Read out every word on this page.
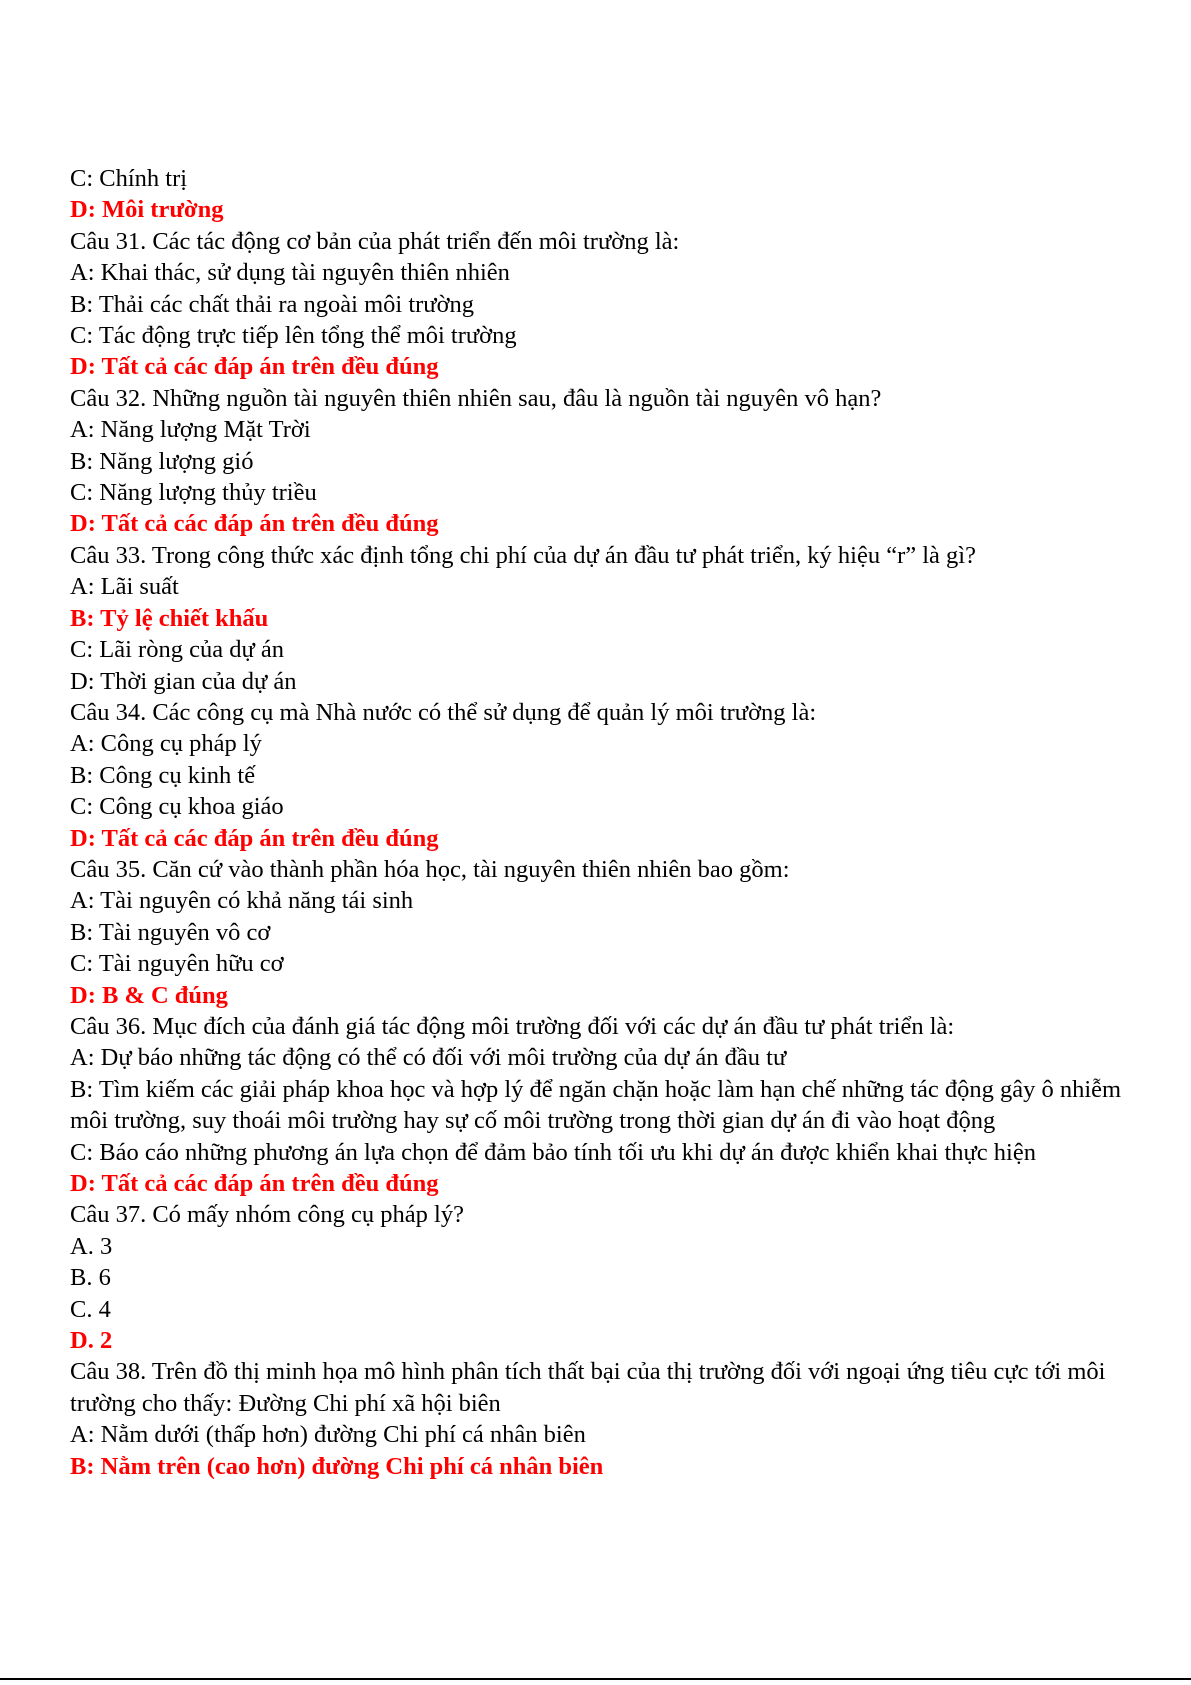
C: Chính trị

D: Môi trường

Câu 31. Các tác động cơ bản của phát triển đến môi trường là:

A: Khai thác, sử dụng tài nguyên thiên nhiên

B: Thải các chất thải ra ngoài môi trường

C: Tác động trực tiếp lên tổng thể môi trường

D: Tất cả các đáp án trên đều đúng

Câu 32. Những nguồn tài nguyên thiên nhiên sau, đâu là nguồn tài nguyên vô hạn?

A: Năng lượng Mặt Trời

B: Năng lượng gió

C: Năng lượng thủy triều

D: Tất cả các đáp án trên đều đúng

Câu 33. Trong công thức xác định tổng chi phí của dự án đầu tư phát triển, ký hiệu “r” là gì?

A: Lãi suất

B: Tỷ lệ chiết khấu

C: Lãi ròng của dự án

D: Thời gian của dự án

Câu 34. Các công cụ mà Nhà nước có thể sử dụng để quản lý môi trường là:

A: Công cụ pháp lý

B: Công cụ kinh tế

C: Công cụ khoa giáo

D: Tất cả các đáp án trên đều đúng

Câu 35. Căn cứ vào thành phần hóa học, tài nguyên thiên nhiên bao gồm:

A: Tài nguyên có khả năng tái sinh

B: Tài nguyên vô cơ

C: Tài nguyên hữu cơ

D: B & C đúng

Câu 36. Mục đích của đánh giá tác động môi trường đối với các dự án đầu tư phát triển là:

A: Dự báo những tác động có thể có đối với môi trường của dự án đầu tư

B: Tìm kiếm các giải pháp khoa học và hợp lý để ngăn chặn hoặc làm hạn chế những tác động gây ô nhiễm môi trường, suy thoái môi trường hay sự cố môi trường trong thời gian dự án đi vào hoạt động

C: Báo cáo những phương án lựa chọn để đảm bảo tính tối ưu khi dự án được khiển khai thực hiện

D: Tất cả các đáp án trên đều đúng

Câu 37. Có mấy nhóm công cụ pháp lý?

A. 3

B. 6

C. 4

D. 2

Câu 38. Trên đồ thị minh họa mô hình phân tích thất bại của thị trường đối với ngoại ứng tiêu cực tới môi trường cho thấy: Đường Chi phí xã hội biên

A: Nằm dưới (thấp hơn) đường Chi phí cá nhân biên

B: Nằm trên (cao hơn) đường Chi phí cá nhân biên
